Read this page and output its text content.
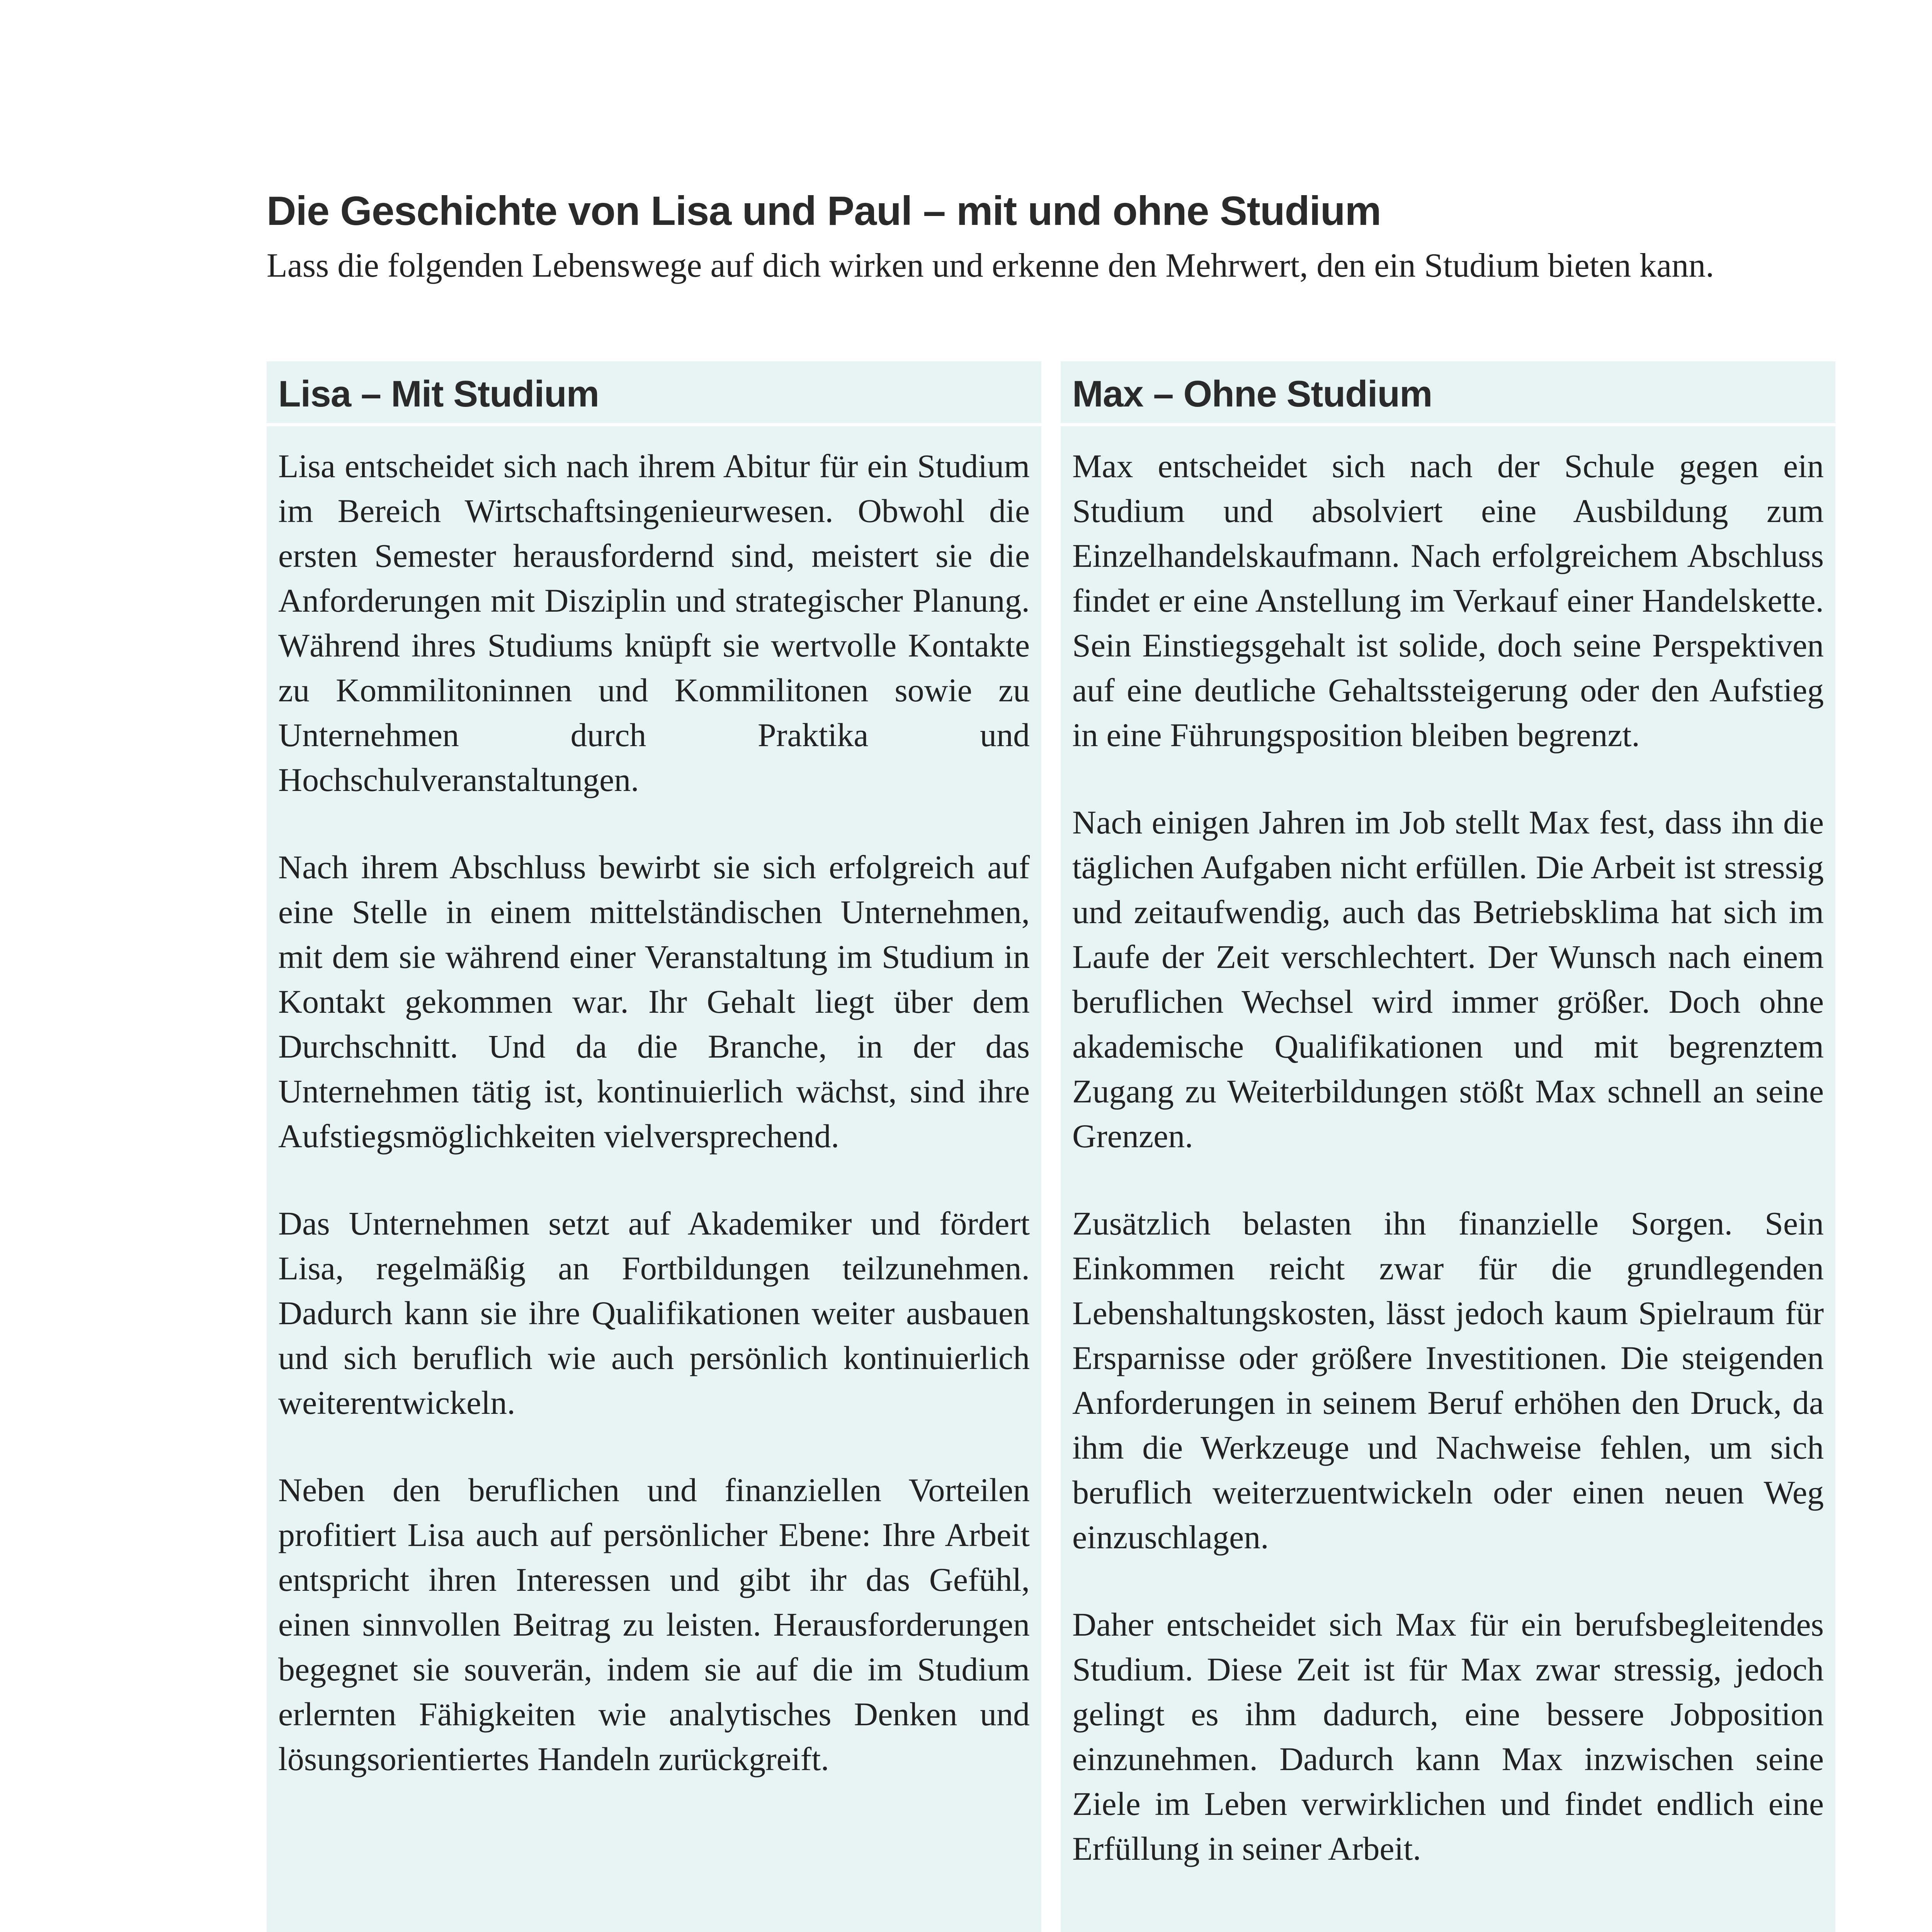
Die Geschichte von Lisa und Paul – mit und ohne Studium
Lass die folgenden Lebenswege auf dich wirken und erkenne den Mehrwert, den ein Studium bieten kann.
Lisa – Mit Studium

Lisa entscheidet sich nach ihrem Abitur für ein Studium im Bereich Wirtschaftsingenieurwesen. Obwohl die ersten Semester herausfordernd sind, meistert sie die Anforderungen mit Disziplin und strategischer Planung. Während ihres Studiums knüpft sie wertvolle Kontakte zu Kommilitoninnen und Kommilitonen sowie zu Unternehmen durch Praktika und Hochschulveranstaltungen.

Nach ihrem Abschluss bewirbt sie sich erfolgreich auf eine Stelle in einem mittelständischen Unternehmen, mit dem sie während einer Veranstaltung im Studium in Kontakt gekommen war. Ihr Gehalt liegt über dem Durchschnitt. Und da die Branche, in der das Unternehmen tätig ist, kontinuierlich wächst, sind ihre Aufstiegsmöglichkeiten vielversprechend.

Das Unternehmen setzt auf Akademiker und fördert Lisa, regelmäßig an Fortbildungen teilzunehmen. Dadurch kann sie ihre Qualifikationen weiter ausbauen und sich beruflich wie auch persönlich kontinuierlich weiterentwickeln.

Neben den beruflichen und finanziellen Vorteilen profitiert Lisa auch auf persönlicher Ebene: Ihre Arbeit entspricht ihren Interessen und gibt ihr das Gefühl, einen sinnvollen Beitrag zu leisten. Herausforderungen begegnet sie souverän, indem sie auf die im Studium erlernten Fähigkeiten wie analytisches Denken und lösungsorientiertes Handeln zurückgreift.

Max – Ohne Studium

Max entscheidet sich nach der Schule gegen ein Studium und absolviert eine Ausbildung zum Einzelhandelskaufmann. Nach erfolgreichem Abschluss findet er eine Anstellung im Verkauf einer Handelskette. Sein Einstiegsgehalt ist solide, doch seine Perspektiven auf eine deutliche Gehaltssteigerung oder den Aufstieg in eine Führungsposition bleiben begrenzt.

Nach einigen Jahren im Job stellt Max fest, dass ihn die täglichen Aufgaben nicht erfüllen. Die Arbeit ist stressig und zeitaufwendig, auch das Betriebsklima hat sich im Laufe der Zeit verschlechtert. Der Wunsch nach einem beruflichen Wechsel wird immer größer. Doch ohne akademische Qualifikationen und mit begrenztem Zugang zu Weiterbildungen stößt Max schnell an seine Grenzen.

Zusätzlich belasten ihn finanzielle Sorgen. Sein Einkommen reicht zwar für die grundlegenden Lebenshaltungskosten, lässt jedoch kaum Spielraum für Ersparnisse oder größere Investitionen. Die steigenden Anforderungen in seinem Beruf erhöhen den Druck, da ihm die Werkzeuge und Nachweise fehlen, um sich beruflich weiterzuentwickeln oder einen neuen Weg einzuschlagen.

Daher entscheidet sich Max für ein berufsbegleitendes Studium. Diese Zeit ist für Max zwar stressig, jedoch gelingt es ihm dadurch, eine bessere Jobposition einzunehmen. Dadurch kann Max inzwischen seine Ziele im Leben verwirklichen und findet endlich eine Erfüllung in seiner Arbeit.
